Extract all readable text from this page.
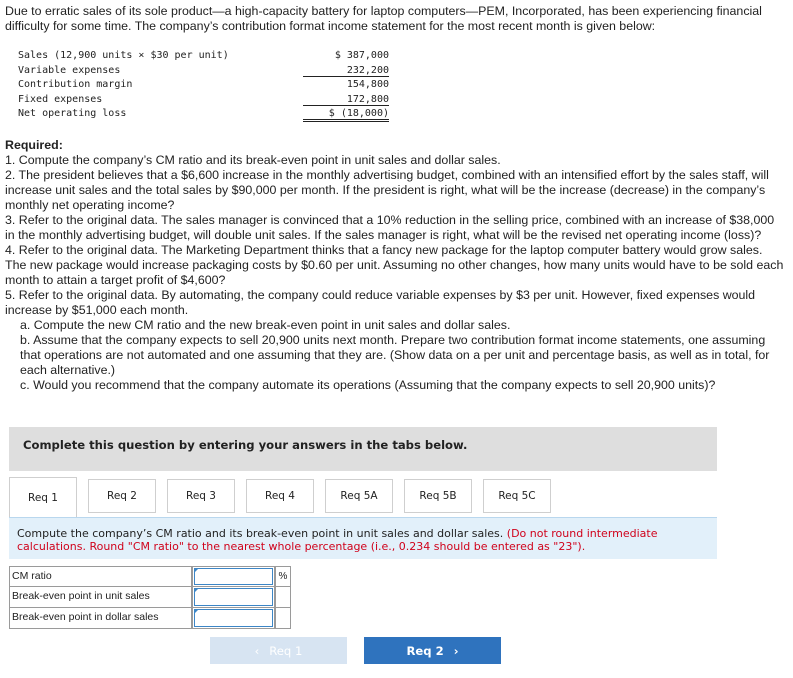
Due to erratic sales of its sole product—a high-capacity battery for laptop computers—PEM, Incorporated, has been experiencing financial difficulty for some time. The company’s contribution format income statement for the most recent month is given below:
Sales (12,900 units × $30 per unit)	$ 387,000
Variable expenses	232,200
Contribution margin	154,800
Fixed expenses	172,800
Net operating loss	$ (18,000)

Required:

1. Compute the company’s CM ratio and its break-even point in unit sales and dollar sales.

2. The president believes that a $6,600 increase in the monthly advertising budget, combined with an intensified effort by the sales staff, will increase unit sales and the total sales by $90,000 per month. If the president is right, what will be the increase (decrease) in the company’s monthly net operating income?

3. Refer to the original data. The sales manager is convinced that a 10% reduction in the selling price, combined with an increase of $38,000 in the monthly advertising budget, will double unit sales. If the sales manager is right, what will be the revised net operating income (loss)?

4. Refer to the original data. The Marketing Department thinks that a fancy new package for the laptop computer battery would grow sales. The new package would increase packaging costs by $0.60 per unit. Assuming no other changes, how many units would have to be sold each month to attain a target profit of $4,600?

5. Refer to the original data. By automating, the company could reduce variable expenses by $3 per unit. However, fixed expenses would increase by $51,000 each month.

a. Compute the new CM ratio and the new break-even point in unit sales and dollar sales.

b. Assume that the company expects to sell 20,900 units next month. Prepare two contribution format income statements, one assuming that operations are not automated and one assuming that they are. (Show data on a per unit and percentage basis, as well as in total, for each alternative.)

c. Would you recommend that the company automate its operations (Assuming that the company expects to sell 20,900 units)?

Complete this question by entering your answers in the tabs below.
Req 1	Req 2	Req 3	Req 4	Req 5A	Req 5B	Req 5C
Compute the company’s CM ratio and its break-even point in unit sales and dollar sales. (Do not round intermediate calculations. Round "CM ratio" to the nearest whole percentage (i.e., 0.234 should be entered as "23").
CM ratio	%
Break-even point in unit sales
Break-even point in dollar sales
‹ Req 1	Req 2 ›
